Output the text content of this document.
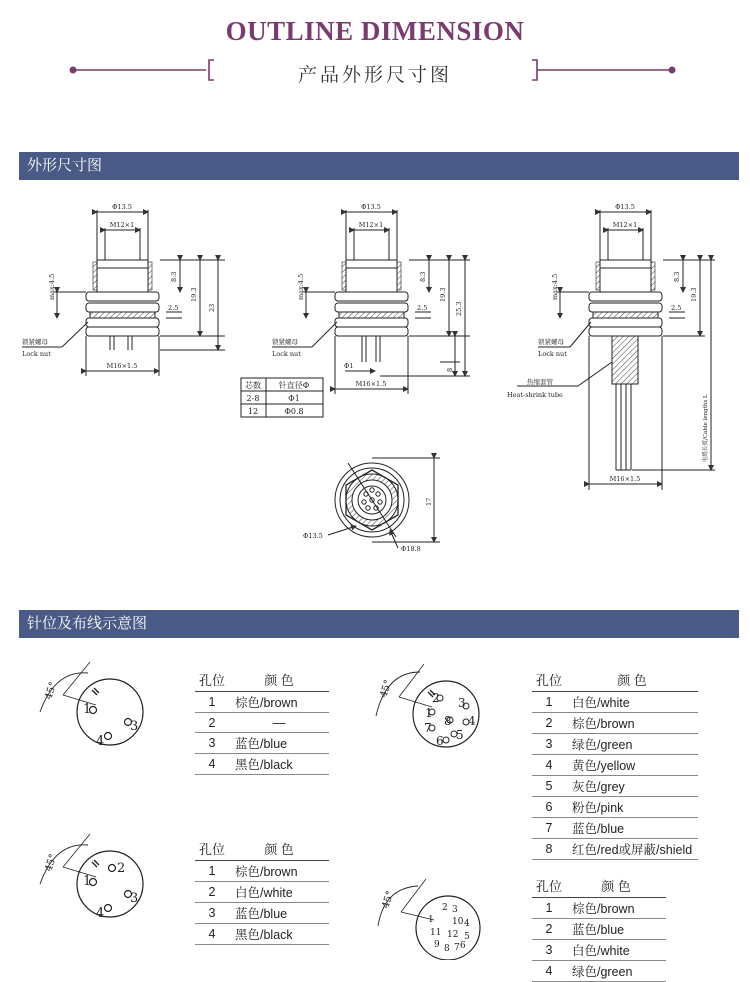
OUTLINE DIMENSION
产品外形尺寸图
外形尺寸图
针位及布线示意图
Φ13.5
M12×1
max:4.5	8.3
19.3
2.5	23
锁紧螺母
Lock nut
M16×1.5
Φ13.5
M12×1
max:4.5	8.3
19.3
2.5	25.3
8
Φ1
锁紧螺母
Lock nut
M16×1.5
芯数 针直径Φ
2-8	Φ1
12	Φ0.8
Φ13.5
M12×1
max:4.5	8.3
19.3
2.5
电缆长度/Cable lengths L
锁紧螺母
Lock nut
热缩套管
Heat-shrink tube
M16×1.5
17
Φ13.5
Φ18.8
45°	45°
45°
45°
1
3
4
2
1
3
4
5
6
7 8
1
2
3
4	2 3
1 10 4
11 12 5
9 8 7 6
孔位	颜 色
1	棕色/brown
2	—
3	蓝色/blue
4	黑色/black
孔位	颜 色
1	白色/white
2	棕色/brown
3	绿色/green
4	黄色/yellow
5	灰色/grey
6	粉色/pink
7	蓝色/blue
8	红色/red或屏蔽/shield
孔位	颜 色
1	棕色/brown
2	白色/white
3	蓝色/blue
4	黑色/black
孔位	颜 色
1	棕色/brown
2	蓝色/blue
3	白色/white
4	绿色/green
